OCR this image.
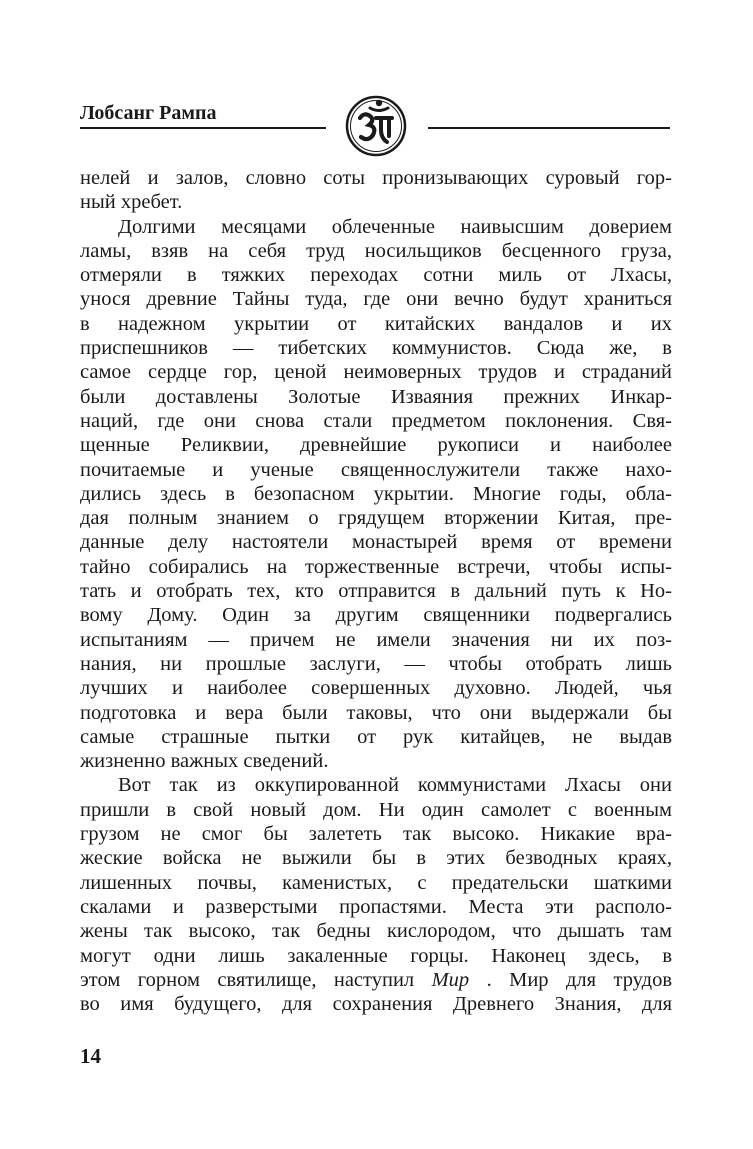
Лобсанг Рампа
нелей и залов, словно соты пронизывающих суровый гор-
ный хребет.
Долгими месяцами облеченные наивысшим доверием
ламы, взяв на себя труд носильщиков бесценного груза,
отмеряли в тяжких переходах сотни миль от Лхасы,
унося древние Тайны туда, где они вечно будут храниться
в надежном укрытии от китайских вандалов и их
приспешников — тибетских коммунистов. Сюда же, в
самое сердце гор, ценой неимоверных трудов и страданий
были доставлены Золотые Изваяния прежних Инкар-
наций, где они снова стали предметом поклонения. Свя-
щенные Реликвии, древнейшие рукописи и наиболее
почитаемые и ученые священнослужители также нахо-
дились здесь в безопасном укрытии. Многие годы, обла-
дая полным знанием о грядущем вторжении Китая, пре-
данные делу настоятели монастырей время от времени
тайно собирались на торжественные встречи, чтобы испы-
тать и отобрать тех, кто отправится в дальний путь к Но-
вому Дому. Один за другим священники подвергались
испытаниям — причем не имели значения ни их поз-
нания, ни прошлые заслуги, — чтобы отобрать лишь
лучших и наиболее совершенных духовно. Людей, чья
подготовка и вера были таковы, что они выдержали бы
самые страшные пытки от рук китайцев, не выдав
жизненно важных сведений.
Вот так из оккупированной коммунистами Лхасы они
пришли в свой новый дом. Ни один самолет с военным
грузом не смог бы залететь так высоко. Никакие вра-
жеские войска не выжили бы в этих безводных краях,
лишенных почвы, каменистых, с предательски шаткими
скалами и разверстыми пропастями. Места эти располо-
жены так высоко, так бедны кислородом, что дышать там
могут одни лишь закаленные горцы. Наконец здесь, в
этом горном святилище, наступил Мир . Мир для трудов
во имя будущего, для сохранения Древнего Знания, для
14
